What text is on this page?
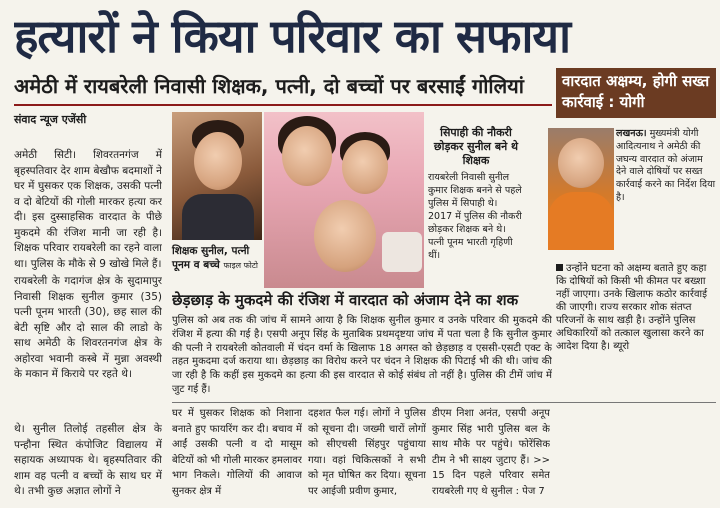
हत्यारों ने किया परिवार का सफाया
अमेठी में रायबरेली निवासी शिक्षक, पत्नी, दो बच्चों पर बरसाईं गोलियां	वारदात अक्षम्य, होगी सख्त कार्रवाई : योगी
संवाद न्यूज एजेंसी

अमेठी सिटी। शिवरतनगंज में बृहस्पतिवार देर शाम बेखौफ बदमाशों ने घर में घुसकर एक शिक्षक, उसकी पत्नी व दो बेटियों की गोली मारकर हत्या कर दी। इस दुस्साहसिक वारदात के पीछे मुकदमे की रंजिश मानी जा रही है। शिक्षक परिवार रायबरेली का रहने वाला था। पुलिस के मौके से 9 खोखे मिले हैं।

रायबरेली के गदागंज क्षेत्र के सुदामापुर निवासी शिक्षक सुनील कुमार (35) पत्नी पूनम भारती (30), छह साल की बेटी सृष्टि और दो साल की लाडो के साथ अमेठी के शिवरतनगंज क्षेत्र के अहोरवा भवानी कस्बे में मुन्ना अवस्थी के मकान में किराये पर रहते थे।

शिक्षक सुनील, पत्नी पूनम व बच्चे फाइल फोटो
सिपाही की नौकरी छोड़कर सुनील बने थे शिक्षक
रायबरेली निवासी सुनील कुमार शिक्षक बनने से पहले पुलिस में सिपाही थे। 2017 में पुलिस की नौकरी छोड़कर शिक्षक बने थे। पत्नी पूनम भारती गृहिणी थीं।
लखनऊ। मुख्यमंत्री योगी आदित्यनाथ ने अमेठी की जघन्य वारदात को अंजाम देने वाले दोषियों पर सख्त कार्रवाई करने का निर्देश दिया है।
उन्होंने घटना को अक्षम्य बताते हुए कहा कि दोषियों को किसी भी कीमत पर बख्शा नहीं जाएगा। उनके खिलाफ कठोर कार्रवाई की जाएगी। राज्य सरकार शोक संतप्त परिजनों के साथ खड़ी है। उन्होंने पुलिस अधिकारियों को तत्काल खुलासा करने का आदेश दिया है। ब्यूरो
छेड़छाड़ के मुकदमे की रंजिश में वारदात को अंजाम देने का शक
पुलिस को अब तक की जांच में सामने आया है कि शिक्षक सुनील कुमार व उनके परिवार की मुकदमे की रंजिश में हत्या की गई है। एसपी अनूप सिंह के मुताबिक प्रथमदृष्टया जांच में पता चला है कि सुनील कुमार की पत्नी ने रायबरेली कोतवाली में चंदन वर्मा के खिलाफ 18 अगस्त को छेड़छाड़ व एससी-एसटी एक्ट के तहत मुकदमा दर्ज कराया था। छेड़छाड़ का विरोध करने पर चंदन ने शिक्षक की पिटाई भी की थी। जांच की जा रही है कि कहीं इस मुकदमे का हत्या की इस वारदात से कोई संबंध तो नहीं है। पुलिस की टीमें जांच में जुट गई हैं।
घर में घुसकर शिक्षक को निशाना बनाते हुए फायरिंग कर दी। बचाव में आईं उसकी पत्नी व दो मासूम बेटियों को भी गोली मारकर हमलावर भाग निकले। गोलियों की आवाज सुनकर क्षेत्र में
दहशत फैल गई। लोगों ने पुलिस को सूचना दी। जख्मी चारों लोगों को सीएचसी सिंहपुर पहुंचाया गया। वहां चिकित्सकों ने सभी को मृत घोषित कर दिया। सूचना पर आईजी प्रवीण कुमार,
डीएम निशा अनंत, एसपी अनूप कुमार सिंह भारी पुलिस बल के साथ मौके पर पहुंचे। फोरेंसिक टीम ने भी साक्ष्य जुटाए हैं। >> 15 दिन पहले परिवार समेत रायबरेली गए थे सुनील : पेज 7
थे। सुनील तिलोई तहसील क्षेत्र के पन्हौना स्थित कंपोजिट विद्यालय में सहायक अध्यापक थे। बृहस्पतिवार की शाम वह पत्नी व बच्चों के साथ घर में थे। तभी कुछ अज्ञात लोगों ने
